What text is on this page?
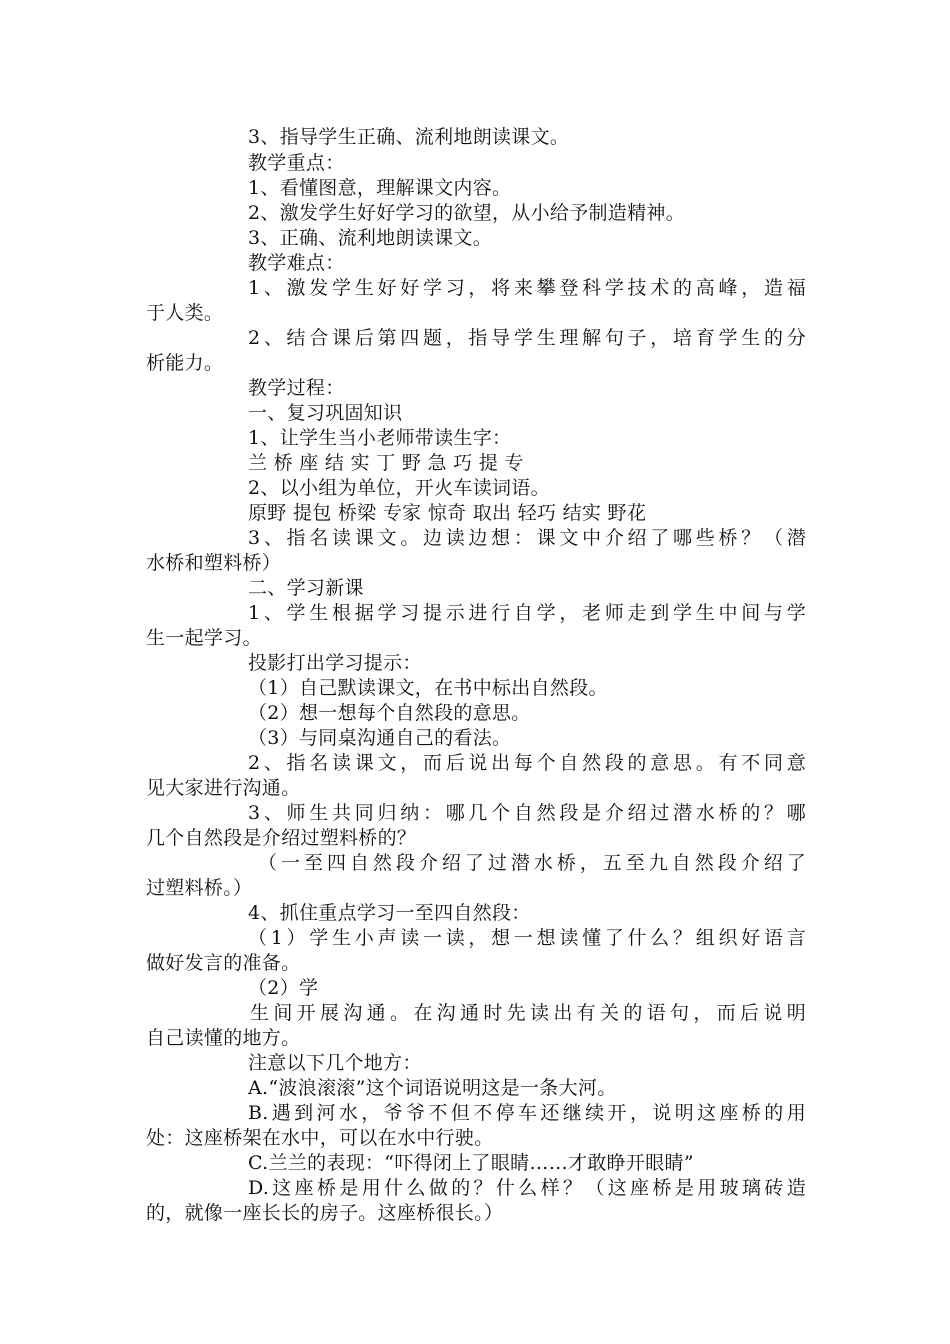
3、指导学生正确、流利地朗读课文。
教学重点：
1、看懂图意，理解课文内容。
2、激发学生好好学习的欲望，从小给予制造精神。
3、正确、流利地朗读课文。
教学难点：
1、激发学生好好学习，将来攀登科学技术的高峰，造福
于人类。
2、结合课后第四题，指导学生理解句子，培育学生的分
析能力。
教学过程：
一、复习巩固知识
1、让学生当小老师带读生字：
兰 桥 座 结 实 丁 野 急 巧 提 专
2、以小组为单位，开火车读词语。
原野 提包 桥梁 专家 惊奇 取出 轻巧 结实 野花
3、指名读课文。边读边想：课文中介绍了哪些桥？（潜
水桥和塑料桥）
二、学习新课
1、学生根据学习提示进行自学，老师走到学生中间与学
生一起学习。
投影打出学习提示：
（1）自己默读课文，在书中标出自然段。
（2）想一想每个自然段的意思。
（3）与同桌沟通自己的看法。
2、指名读课文，而后说出每个自然段的意思。有不同意
见大家进行沟通。
3、师生共同归纳：哪几个自然段是介绍过潜水桥的？哪
几个自然段是介绍过塑料桥的？
（一至四自然段介绍了过潜水桥，五至九自然段介绍了
过塑料桥。）
4、抓住重点学习一至四自然段：
（1）学生小声读一读，想一想读懂了什么？组织好语言
做好发言的准备。
（2）学
生间开展沟通。在沟通时先读出有关的语句，而后说明
自己读懂的地方。
注意以下几个地方：
A.“波浪滚滚”这个词语说明这是一条大河。
B.遇到河水，爷爷不但不停车还继续开，说明这座桥的用
处：这座桥架在水中，可以在水中行驶。
C.兰兰的表现：“吓得闭上了眼睛……才敢睁开眼睛”
D.这座桥是用什么做的？什么样？（这座桥是用玻璃砖造
的，就像一座长长的房子。这座桥很长。）
